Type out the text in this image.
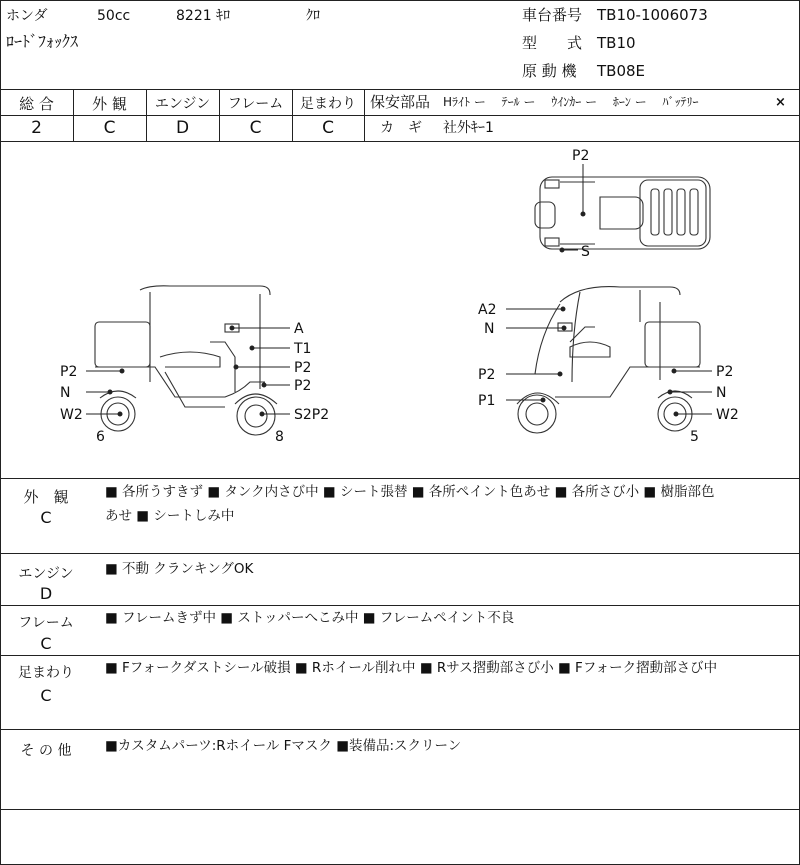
ホンダ	50cc	8221 ｷﾛ	ｸﾛ
ﾛｰﾄﾞﾌｫｯｸｽ
車台番号 TB10-1006073
型　　式 TB10
原 動 機 TB08E
総 合	外 観	エンジン	フレーム	足まわり
2	C	D	C	C
保安部品 Hﾗｲﾄ ー　 ﾃｰﾙ ー　 ｳｲﾝｶｰ ー　 ﾎｰﾝ ー　 ﾊﾞｯﾃﾘｰ	×
カ　ギ 社外ｷｰ1
P2
S
A
T1
P2
P2
S2P2
P2
N
W2
6	8
A2
N
P2
P1
P2
N
W2
5
外　観
C
■ 各所うすきず ■ タンク内さび中 ■ シート張替 ■ 各所ペイント色あせ ■ 各所さび小 ■ 樹脂部色
あせ ■ シートしみ中
エンジン
D
■ 不動 クランキングOK
フレーム
C
■ フレームきず中 ■ ストッパーへこみ中 ■ フレームペイント不良
足まわり
C
■ Fフォークダストシール破損 ■ Rホイール削れ中 ■ Rサス摺動部さび小 ■ Fフォーク摺動部さび中
そ の 他	■カスタムパーツ:Rホイール Fマスク ■装備品:スクリーン
